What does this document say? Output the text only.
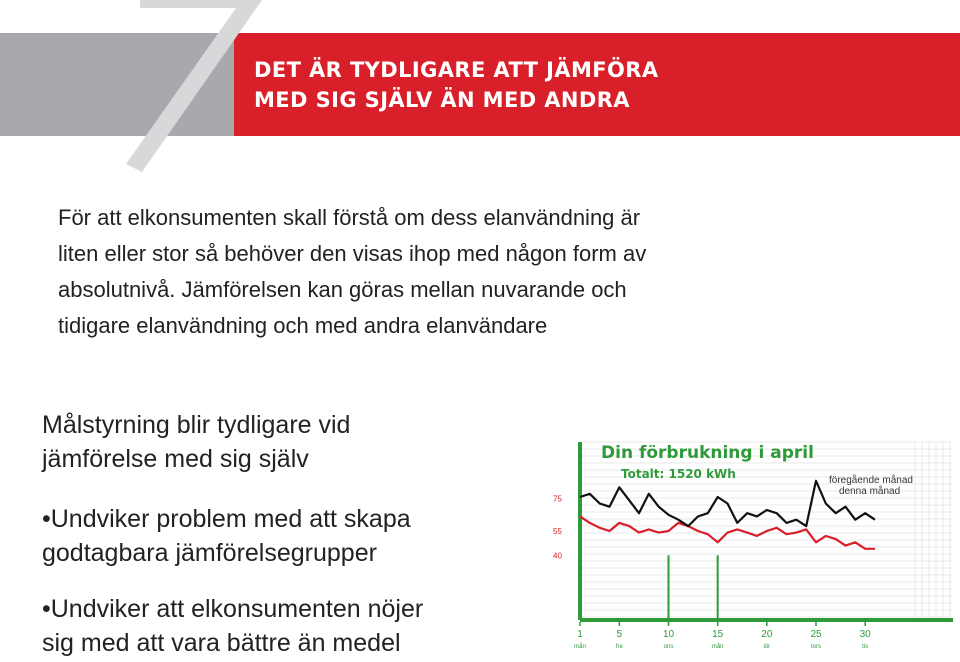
DET ÄR TYDLIGARE ATT JÄMFÖRA
MED SIG SJÄLV ÄN MED ANDRA
För att elkonsumenten skall förstå om dess elanvändning är
liten eller stor så behöver den visas ihop med någon form av
absolutnivå. Jämförelsen kan göras mellan nuvarande och
tidigare elanvändning och med andra elanvändare
Målstyrning blir tydligare vid
jämförelse med sig själv
•Undviker problem med att skapa
godtagbara jämförelsegrupper
•Undviker att elkonsumenten nöjer
sig med att vara bättre än medel
75
55
40
1
mån
5
fre
10
ons
15
mån
20
lör
25
tors
30
tis
Din förbrukning i april
Totalt: 1520 kWh	föregående månad
denna månad
